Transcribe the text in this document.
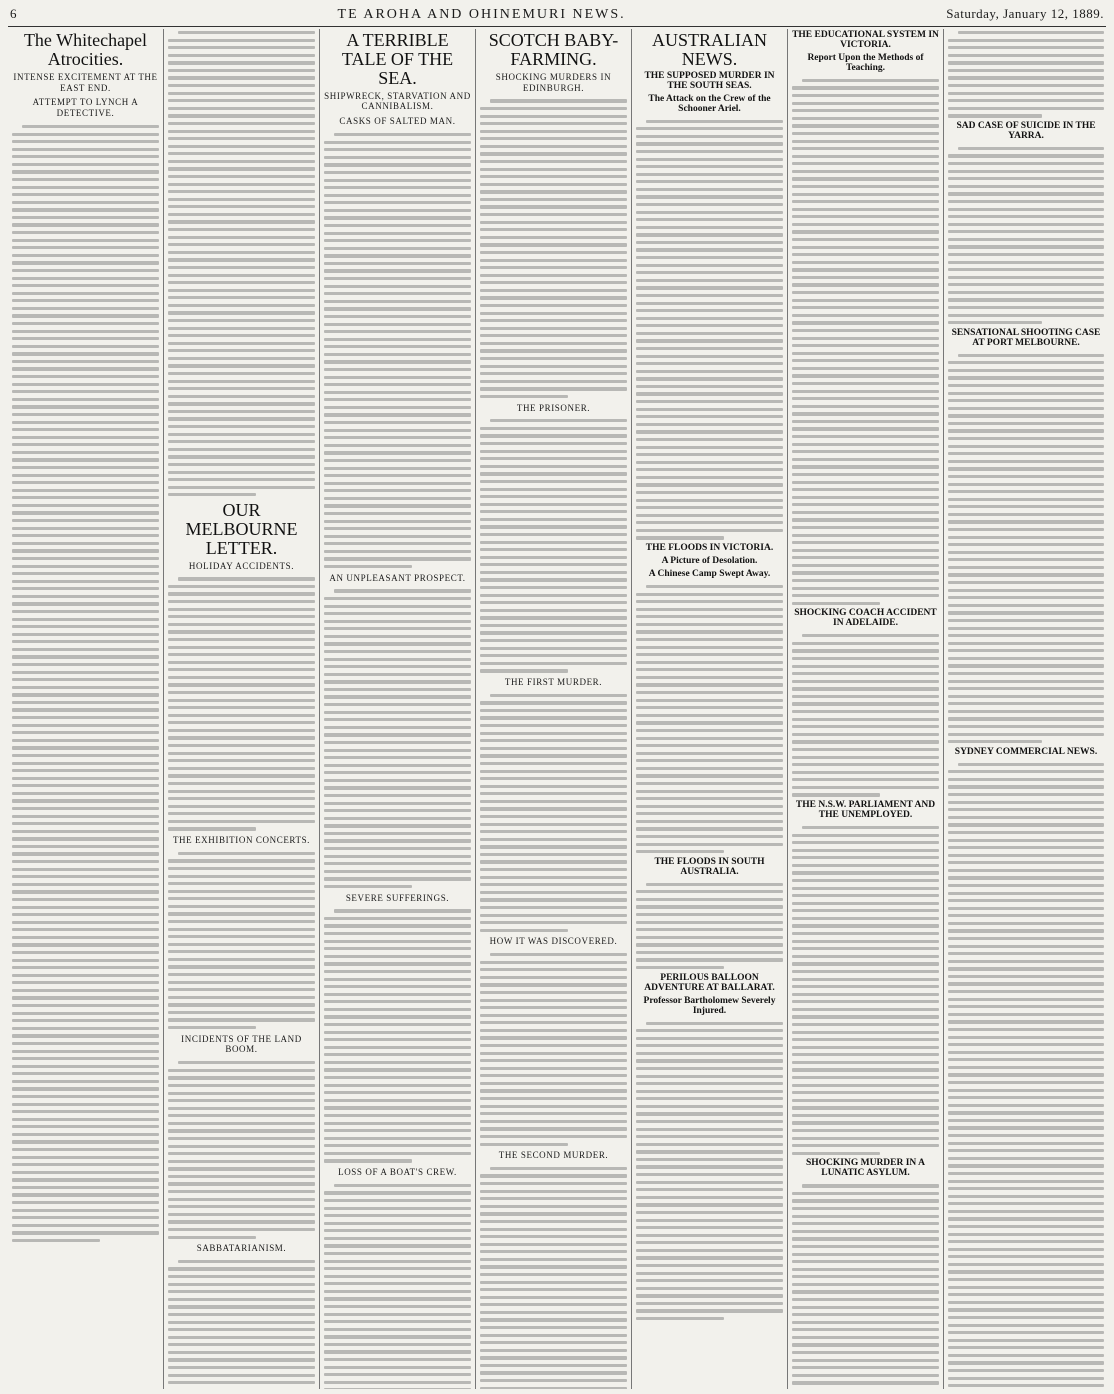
6	TE AROHA AND OHINEMURI NEWS.	Saturday, January 12, 1889.
The Whitechapel Atrocities.
INTENSE EXCITEMENT AT THE EAST END.
ATTEMPT TO LYNCH A DETECTIVE.
OUR MELBOURNE LETTER.
HOLIDAY ACCIDENTS.
THE EXHIBITION CONCERTS.
INCIDENTS OF THE LAND BOOM.
SABBATARIANISM.
A TERRIBLE TALE OF THE SEA.
SHIPWRECK, STARVATION AND CANNIBALISM.
CASKS OF SALTED MAN.
AN UNPLEASANT PROSPECT.
SEVERE SUFFERINGS.
LOSS OF A BOAT'S CREW.
SCOTCH BABY-FARMING.
SHOCKING MURDERS IN EDINBURGH.
THE PRISONER.
THE FIRST MURDER.
HOW IT WAS DISCOVERED.
THE SECOND MURDER.
AUSTRALIAN NEWS.
THE SUPPOSED MURDER IN THE SOUTH SEAS.
The Attack on the Crew of the Schooner Ariel.
THE FLOODS IN VICTORIA.
A Picture of Desolation.
A Chinese Camp Swept Away.
THE FLOODS IN SOUTH AUSTRALIA.
PERILOUS BALLOON ADVENTURE AT BALLARAT.
Professor Bartholomew Severely Injured.
THE EDUCATIONAL SYSTEM IN VICTORIA.
Report Upon the Methods of Teaching.
SHOCKING COACH ACCIDENT IN ADELAIDE.
THE N.S.W. PARLIAMENT AND THE UNEMPLOYED.
SHOCKING MURDER IN A LUNATIC ASYLUM.
SAD CASE OF SUICIDE IN THE YARRA.
SENSATIONAL SHOOTING CASE AT PORT MELBOURNE.
SYDNEY COMMERCIAL NEWS.
